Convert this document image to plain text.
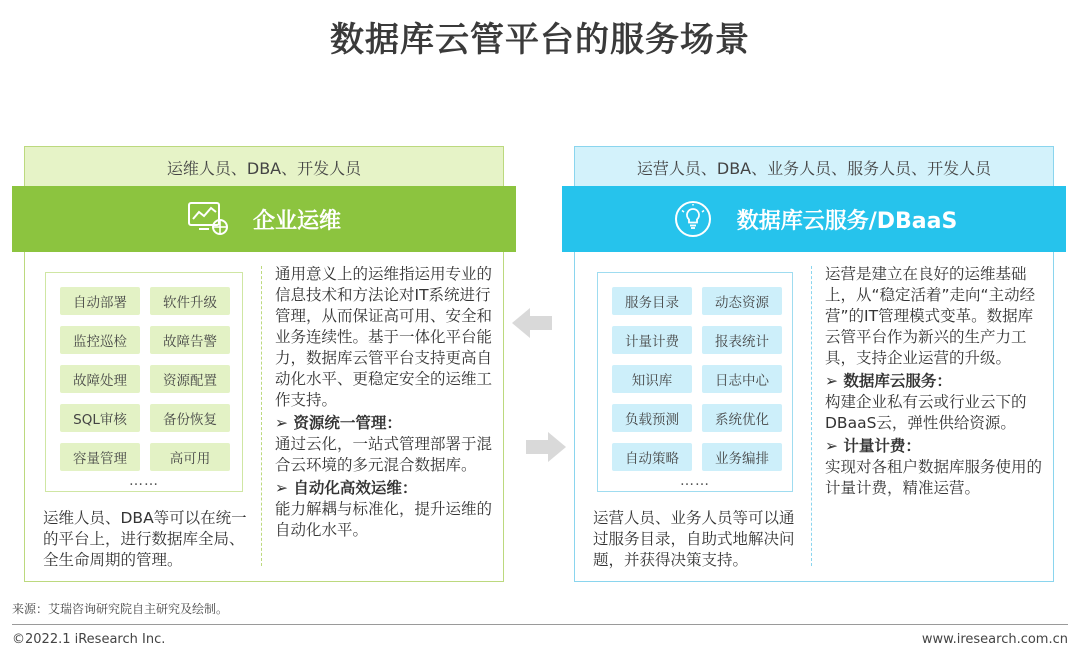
数据库云管平台的服务场景
运维人员、DBA、开发人员
企业运维
自动部署	软件升级
监控巡检	故障告警
故障处理	资源配置
SQL审核	备份恢复
容量管理	高可用
……
运维人员、DBA等可以在统一的平台上，进行数据库全局、全生命周期的管理。

通用意义上的运维指运用专业的信息技术和方法论对IT系统进行管理，从而保证高可用、安全和业务连续性。基于一体化平台能力，数据库云管平台支持更高自动化水平、更稳定安全的运维工作支持。

➢ 资源统一管理：

通过云化，一站式管理部署于混合云环境的多元混合数据库。

➢ 自动化高效运维：

能力解耦与标准化，提升运维的自动化水平。

运营人员、DBA、业务人员、服务人员、开发人员
数据库云服务/DBaaS
服务目录	动态资源
计量计费	报表统计
知识库	日志中心
负载预测	系统优化
自动策略	业务编排
……
运营人员、业务人员等可以通过服务目录，自助式地解决问题，并获得决策支持。

运营是建立在良好的运维基础上，从“稳定活着”走向“主动经营”的IT管理模式变革。数据库云管平台作为新兴的生产力工具，支持企业运营的升级。

➢ 数据库云服务：

构建企业私有云或行业云下的DBaaS云，弹性供给资源。

➢ 计量计费：

实现对各租户数据库服务使用的计量计费，精准运营。

来源：艾瑞咨询研究院自主研究及绘制。
©2022.1 iResearch Inc.	www.iresearch.com.cn
